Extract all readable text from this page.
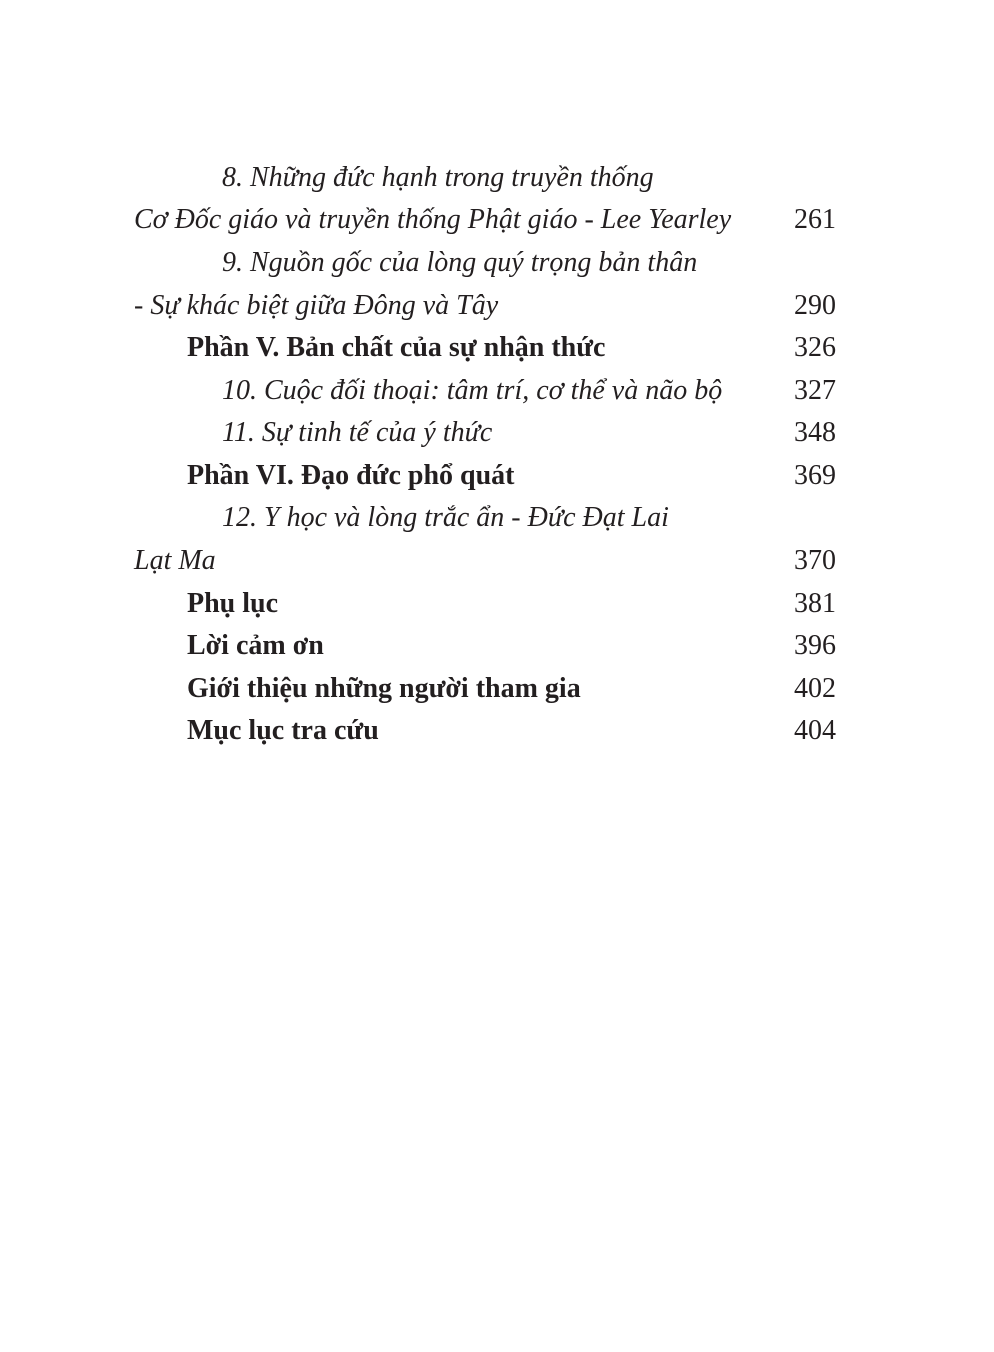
8. Những đức hạnh trong truyền thống
Cơ Đốc giáo và truyền thống Phật giáo - Lee Yearley 261
9. Nguồn gốc của lòng quý trọng bản thân
- Sự khác biệt giữa Đông và Tây	290
Phần V. Bản chất của sự nhận thức	326
10. Cuộc đối thoại: tâm trí, cơ thể và não bộ	327
11. Sự tinh tế của ý thức	348
Phần VI. Đạo đức phổ quát	369
12. Y học và lòng trắc ẩn - Đức Đạt Lai
Lạt Ma	370
Phụ lục	381
Lời cảm ơn	396
Giới thiệu những người tham gia	402
Mục lục tra cứu	404
